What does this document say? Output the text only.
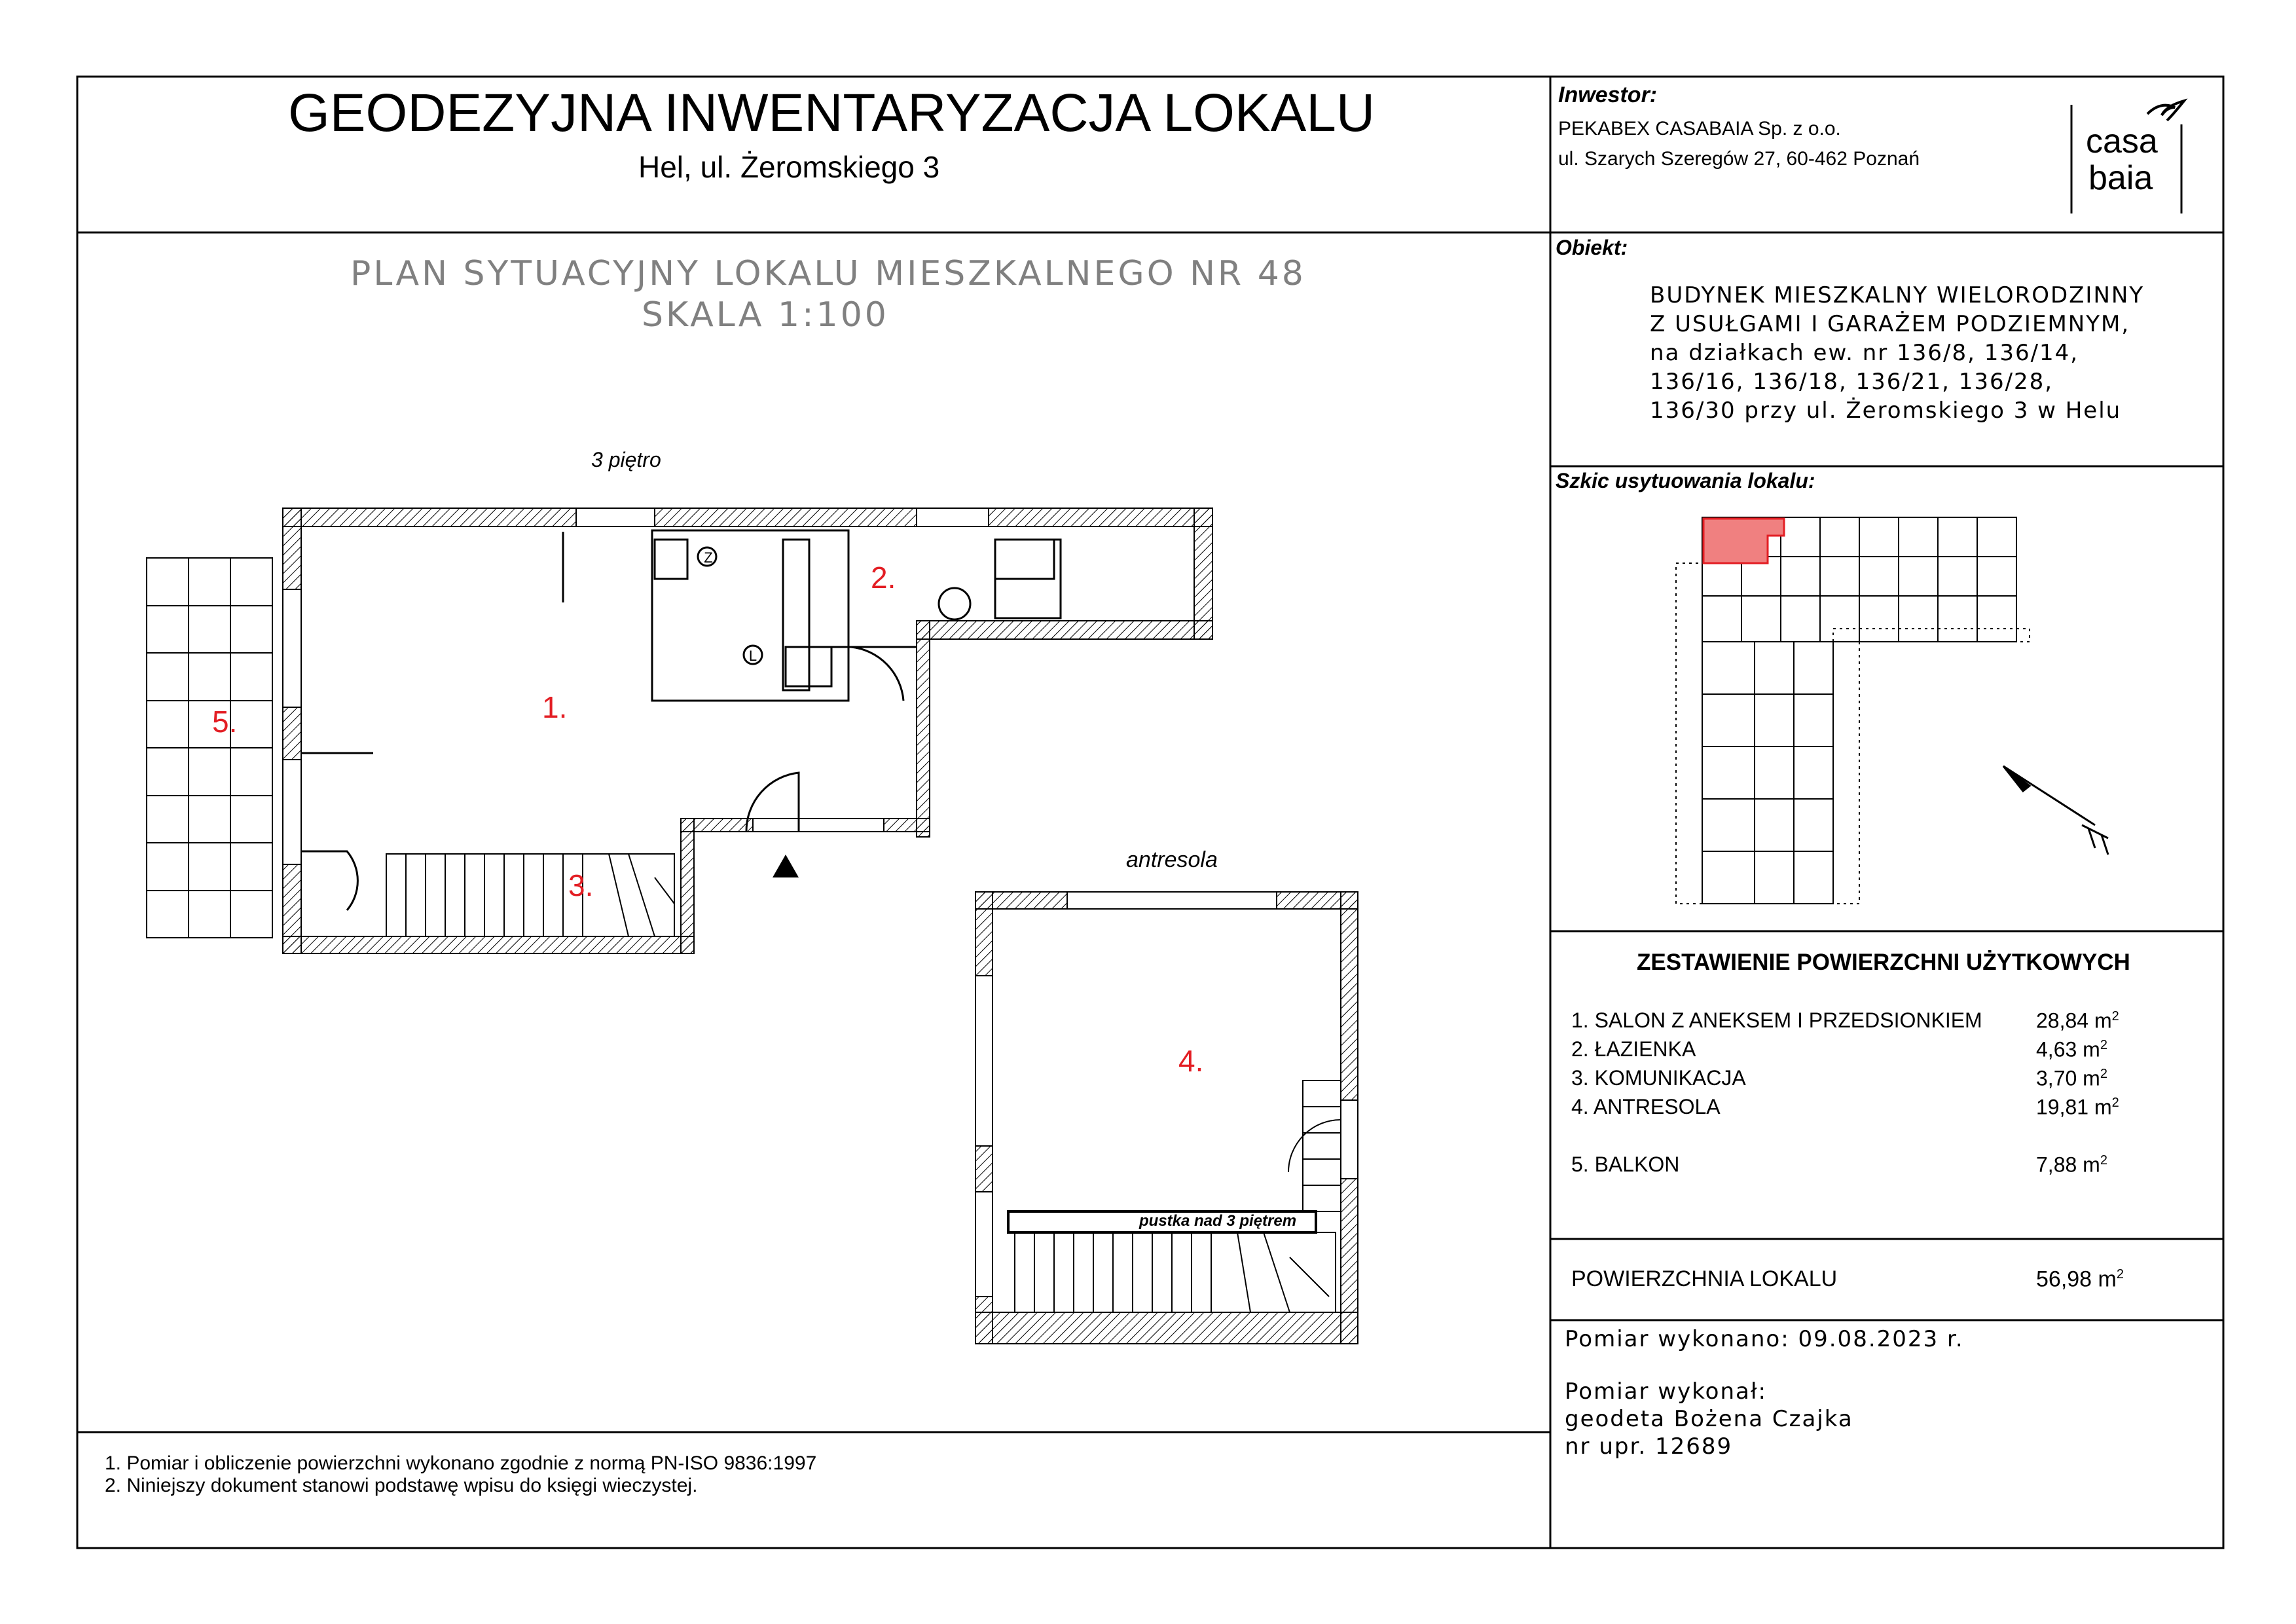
GEODEZYJNA INWENTARYZACJA LOKALU
Hel, ul. Żeromskiego 3
Inwestor:
PEKABEX CASABAIA Sp. z o.o.
ul. Szarych Szeregów 27, 60-462 Poznań	casa
baia
Obiekt:
BUDYNEK MIESZKALNY WIELORODZINNY
Z USUŁGAMI I GARAŻEM PODZIEMNYM,
na działkach ew. nr 136/8, 136/14,
136/16, 136/18, 136/21, 136/28,
136/30 przy ul. Żeromskiego 3 w Helu
Szkic usytuowania lokalu:
ZESTAWIENIE POWIERZCHNI UŻYTKOWYCH
1. SALON Z ANEKSEM I PRZEDSIONKIEM	28,84 $m^2$
2. ŁAZIENKA	4,63 $m^2$
3. KOMUNIKACJA	3,70 $m^2$
4. ANTRESOLA	19,81 $m^2$
5. BALKON	7,88 $m^2$
POWIERZCHNIA LOKALU	56,98 $m^2$
Pomiar wykonano: 09.08.2023 r.
Pomiar wykonał:
geodeta Bożena Czajka
nr upr. 12689
1. Pomiar i obliczenie powierzchni wykonano zgodnie z normą PN-ISO 9836:1997
2. Niniejszy dokument stanowi podstawę wpisu do księgi wieczystej.
PLAN SYTUACYJNY LOKALU MIESZKALNEGO NR 48
SKALA 1:100
3 piętro
antresola
Z
L
1.
2.
3.
5.
pustka nad 3 piętrem
4.
